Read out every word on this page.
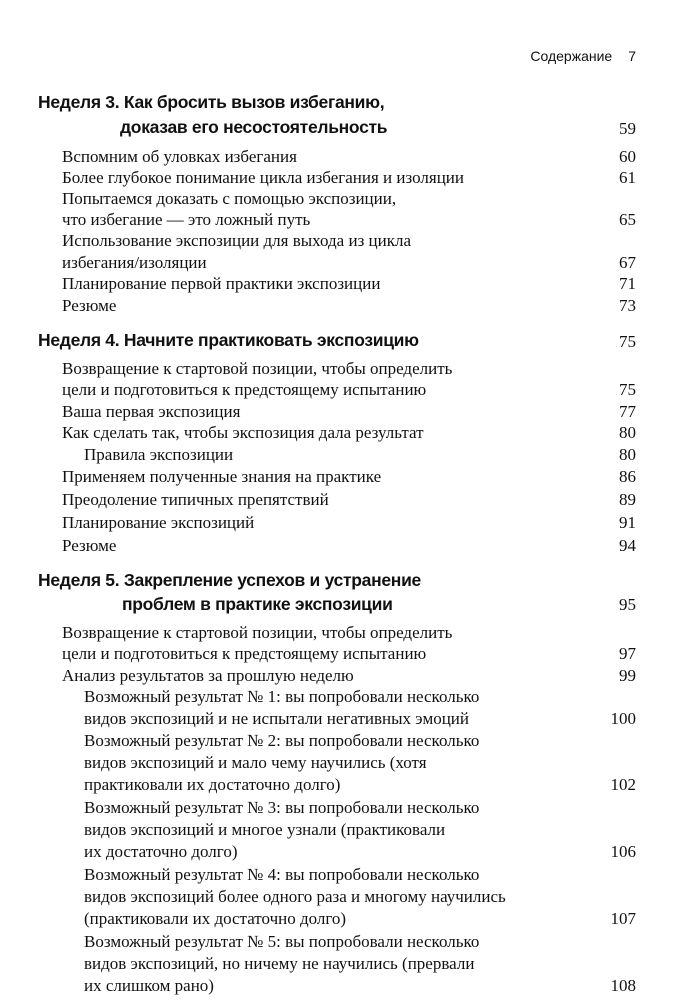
Содержание 7
Неделя 3. Как бросить вызов избеганию,
доказав его несостоятельность	59
Вспомним об уловках избегания	60
Более глубокое понимание цикла избегания и изоляции	61
Попытаемся доказать с помощью экспозиции,
что избегание — это ложный путь	65
Использование экспозиции для выхода из цикла
избегания/изоляции	67
Планирование первой практики экспозиции	71
Резюме	73
Неделя 4. Начните практиковать экспозицию	75
Возвращение к стартовой позиции, чтобы определить
цели и подготовиться к предстоящему испытанию	75
Ваша первая экспозиция	77
Как сделать так, чтобы экспозиция дала результат	80
Правила экспозиции	80
Применяем полученные знания на практике	86
Преодоление типичных препятствий	89
Планирование экспозиций	91
Резюме	94
Неделя 5. Закрепление успехов и устранение
проблем в практике экспозиции	95
Возвращение к стартовой позиции, чтобы определить
цели и подготовиться к предстоящему испытанию	97
Анализ результатов за прошлую неделю	99
Возможный результат № 1: вы попробовали несколько
видов экспозиций и не испытали негативных эмоций	100
Возможный результат № 2: вы попробовали несколько
видов экспозиций и мало чему научились (хотя
практиковали их достаточно долго)	102
Возможный результат № 3: вы попробовали несколько
видов экспозиций и многое узнали (практиковали
их достаточно долго)	106
Возможный результат № 4: вы попробовали несколько
видов экспозиций более одного раза и многому научились
(практиковали их достаточно долго)	107
Возможный результат № 5: вы попробовали несколько
видов экспозиций, но ничему не научились (прервали
их слишком рано)	108
